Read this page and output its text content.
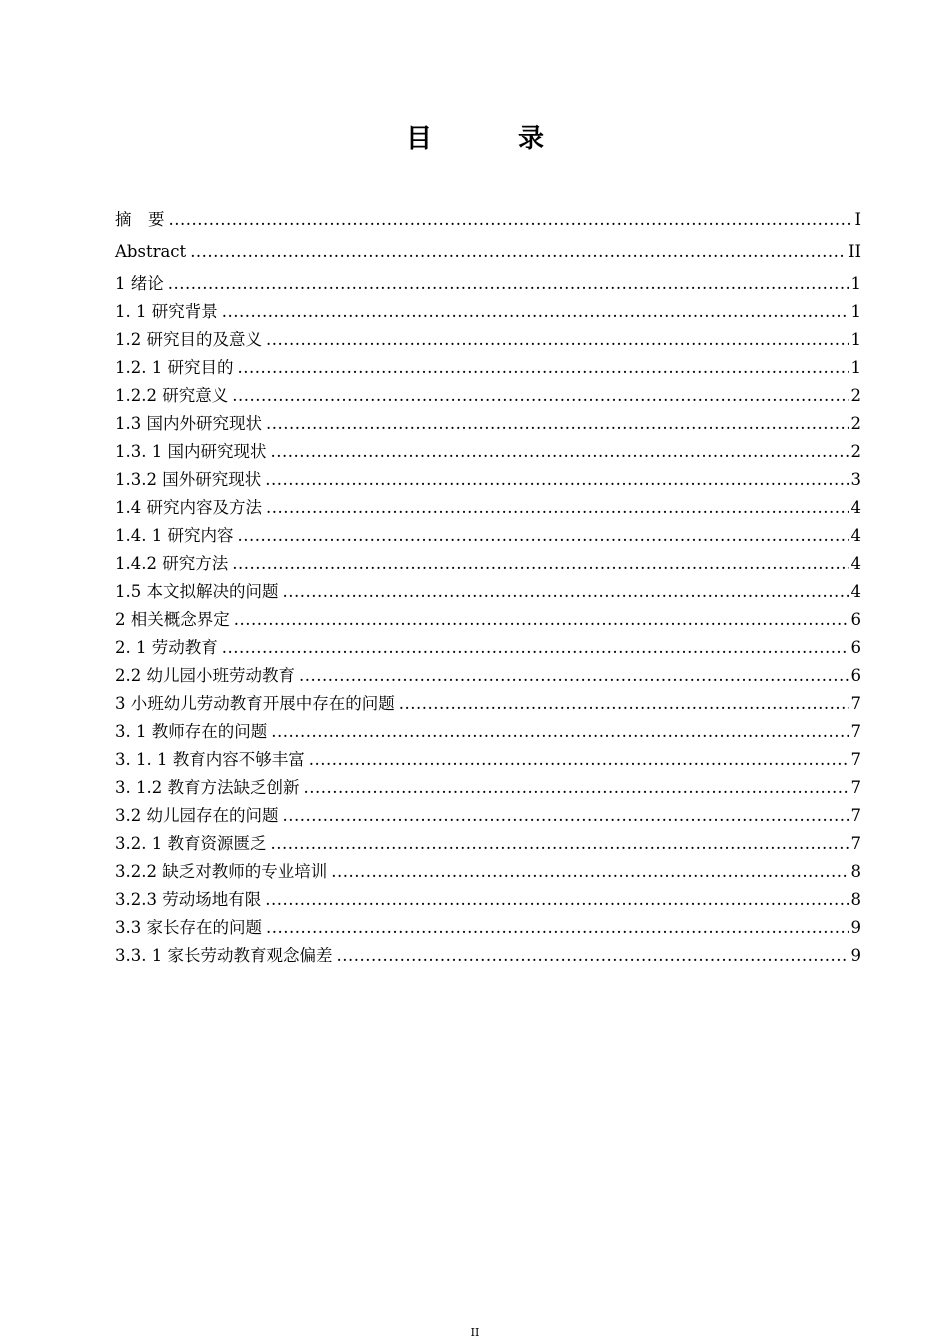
目　录
摘　要 .....	I
Abstract .....	II
1 绪论 .....	1
1. 1 研究背景 .....	1
1.2 研究目的及意义 .....	1
1.2. 1 研究目的 .....	1
1.2.2 研究意义 .....	2
1.3 国内外研究现状 .....	2
1.3. 1 国内研究现状 .....	2
1.3.2 国外研究现状 .....	3
1.4 研究内容及方法 .....	4
1.4. 1 研究内容 .....	4
1.4.2 研究方法 .....	4
1.5 本文拟解决的问题 .....	4
2 相关概念界定 .....	6
2. 1 劳动教育 .....	6
2.2 幼儿园小班劳动教育 .....	6
3 小班幼儿劳动教育开展中存在的问题 .....	7
3. 1 教师存在的问题 .....	7
3. 1. 1 教育内容不够丰富 .....	7
3. 1.2 教育方法缺乏创新 .....	7
3.2 幼儿园存在的问题 .....	7
3.2. 1 教育资源匮乏 .....	7
3.2.2 缺乏对教师的专业培训 .....	8
3.2.3 劳动场地有限 .....	8
3.3 家长存在的问题 .....	9
3.3. 1 家长劳动教育观念偏差 .....	9
II
